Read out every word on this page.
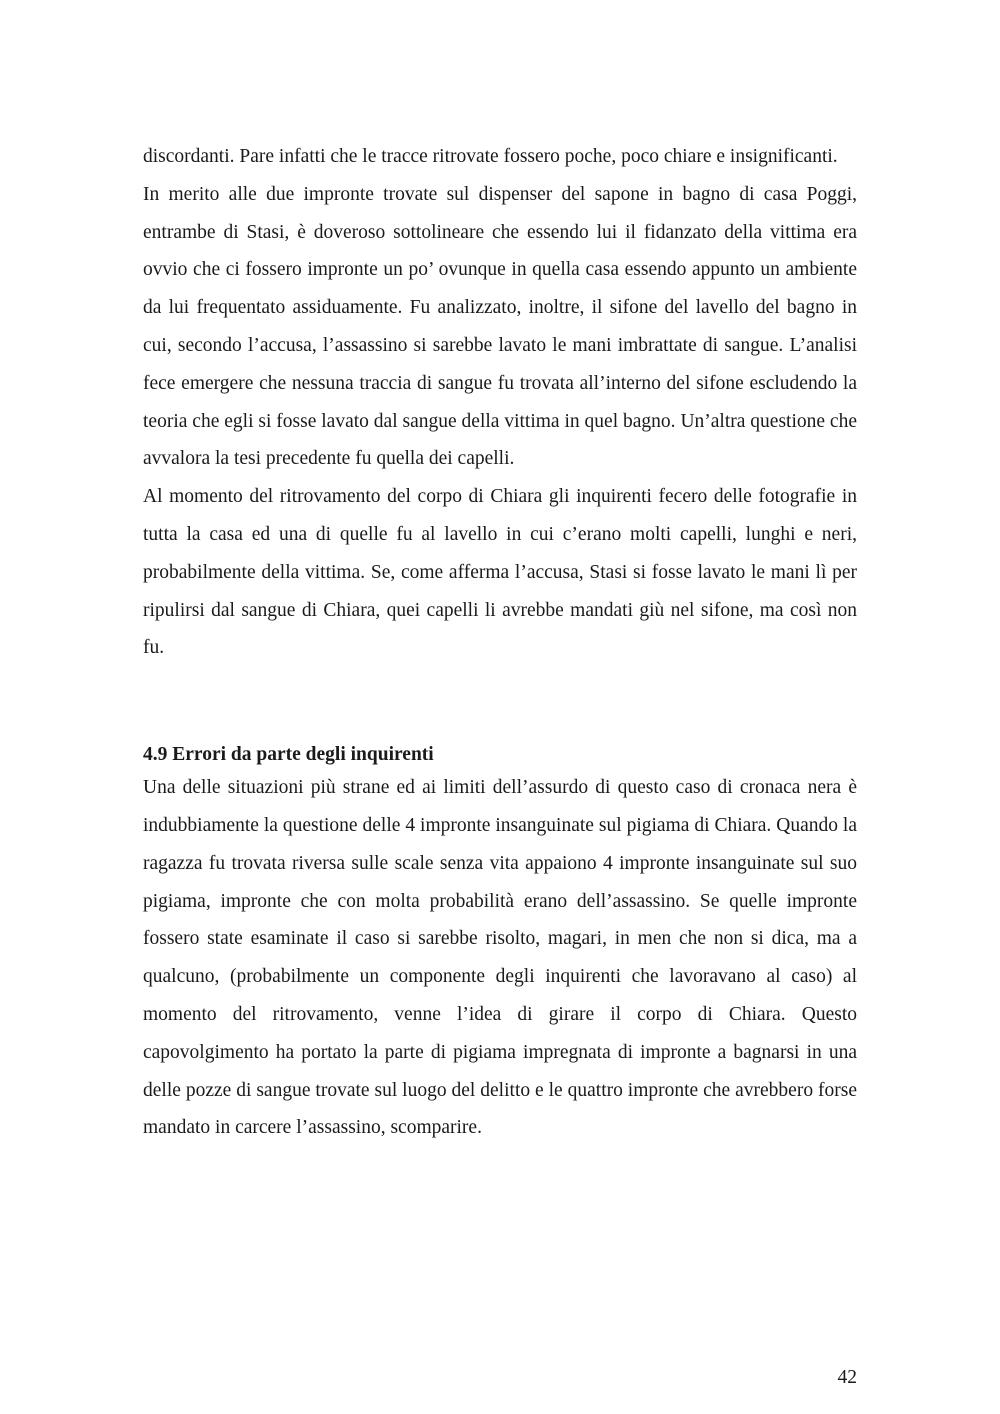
discordanti. Pare infatti che le tracce ritrovate fossero poche, poco chiare e insignificanti.

In merito alle due impronte trovate sul dispenser del sapone in bagno di casa Poggi, entrambe di Stasi, è doveroso sottolineare che essendo lui il fidanzato della vittima era ovvio che ci fossero impronte un po’ ovunque in quella casa essendo appunto un ambiente da lui frequentato assiduamente. Fu analizzato, inoltre, il sifone del lavello del bagno in cui, secondo l’accusa, l’assassino si sarebbe lavato le mani imbrattate di sangue. L’analisi fece emergere che nessuna traccia di sangue fu trovata all’interno del sifone escludendo la teoria che egli si fosse lavato dal sangue della vittima in quel bagno. Un’altra questione che avvalora la tesi precedente fu quella dei capelli.

Al momento del ritrovamento del corpo di Chiara gli inquirenti fecero delle fotografie in tutta la casa ed una di quelle fu al lavello in cui c’erano molti capelli, lunghi e neri, probabilmente della vittima. Se, come afferma l’accusa, Stasi si fosse lavato le mani lì per ripulirsi dal sangue di Chiara, quei capelli li avrebbe mandati giù nel sifone, ma così non fu.

4.9 Errori da parte degli inquirenti

Una delle situazioni più strane ed ai limiti dell’assurdo di questo caso di cronaca nera è indubbiamente la questione delle 4 impronte insanguinate sul pigiama di Chiara. Quando la ragazza fu trovata riversa sulle scale senza vita appaiono 4 impronte insanguinate sul suo pigiama, impronte che con molta probabilità erano dell’assassino. Se quelle impronte fossero state esaminate il caso si sarebbe risolto, magari, in men che non si dica, ma a qualcuno, (probabilmente un componente degli inquirenti che lavoravano al caso) al momento del ritrovamento, venne l’idea di girare il corpo di Chiara. Questo capovolgimento ha portato la parte di pigiama impregnata di impronte a bagnarsi in una delle pozze di sangue trovate sul luogo del delitto e le quattro impronte che avrebbero forse mandato in carcere l’assassino, scomparire.

42
